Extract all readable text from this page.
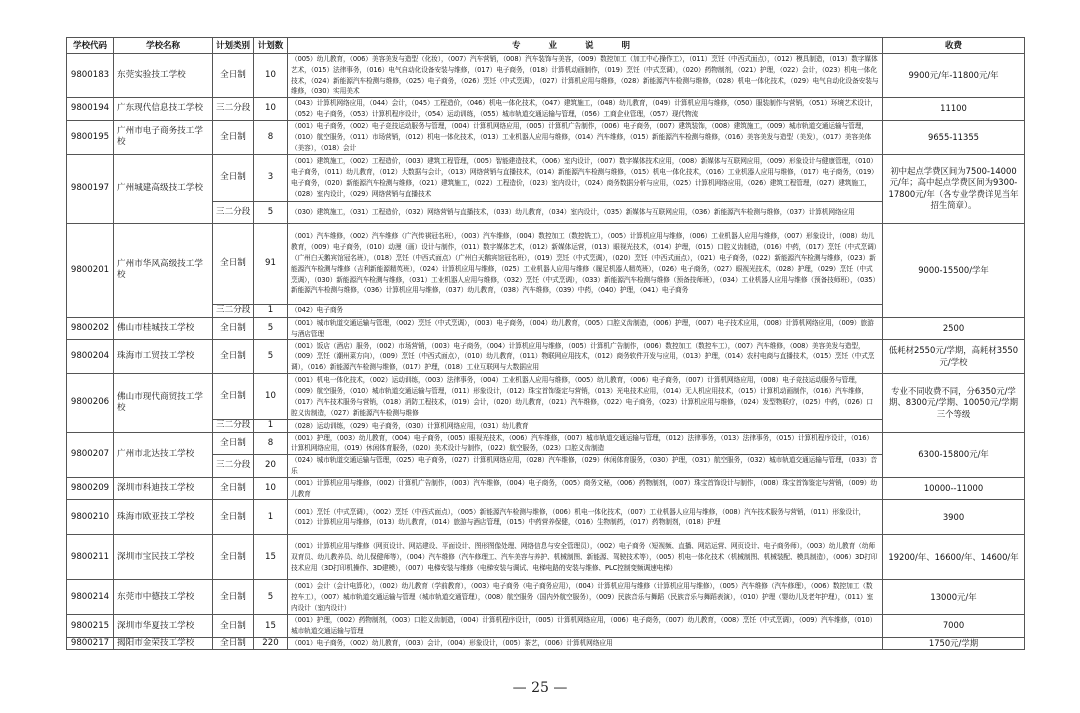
学校代码	学校名称	计划类别	计划数	专业说明	收费
9800183	东莞实验技工学校	全日制	10	（005）幼儿教育，（006）美容美发与造型（化妆），（007）汽车营销，（008）汽车装饰与美容，（009）数控加工（加工中心操作工），（011）烹饪（中西式面点），（012）模具制造，（013）数字媒体艺术，（015）法律事务，（016）电气自动化设备安装与维修，（017）电子商务，（018）计算机动画制作，（019）烹饪（中式烹调），（020）药物制剂，（021）护理，（022）会计，（023）机电一体化技术，（024）新能源汽车检测与维修，（025）电子商务，（026）烹饪（中式烹调），（027）计算机应用与维修，（028）新能源汽车检测与维修，（028）机电一体化技术，（029）电气自动化设备安装与维修，（030）实用美术	9900元/年-11800元/年
9800194	广东现代信息技工学校	三二分段	10	（043）计算机网络应用，（044）会计，（045）工程造价，（046）机电一体化技术，（047）建筑施工，（048）幼儿教育，（049）计算机应用与维修，（050）服装制作与营销，（051）环境艺术设计，（052）电子商务，（053）计算机程序设计，（054）运动训练，（055）城市轨道交通运输与管理，（056）工商企业管理，（057）现代物流	11100
9800195	广州市电子商务技工学校	全日制	8	（001）电子商务，（002）电子竞技运动服务与管理，（004）计算机网络应用，（005）计算机广告制作，（006）电子商务，（007）建筑装饰，（008）建筑施工，（009）城市轨道交通运输与管理，（010）航空服务，（011）市场营销，（012）机电一体化技术，（013）工业机器人应用与维修，（014）汽车维修，（015）新能源汽车检测与维修，（016）美容美发与造型（美发），（017）美容美体（美容），（018）会计	9655-11355
9800197	广州城建高级技工学校	全日制	3	（001）建筑施工，（002）工程造价，（003）建筑工程管理，（005）智能建造技术，（006）室内设计，（007）数字媒体技术应用，（008）新媒体与互联网应用，（009）形象设计与健康管理，（010）电子商务，（011）幼儿教育，（012）大数据与会计，（013）网络营销与直播技术，（014）新能源汽车检测与维修，（015）机电一体化技术，（016）工业机器人应用与维修，（017）电子商务，（019）电子商务，（020）新能源汽车检测与维修，（021）建筑施工，（022）工程造价，（023）室内设计，（024）商务数据分析与应用，（025）计算机网络应用，（026）建筑工程管理，（027）建筑施工，（028）室内设计，（029）网络营销与直播技术	初中起点学费区间为7500-14000元/年；高中起点学费区间为9300-17800元/年（各专业学费详见当年招生简章）。
		三二分段	5	（030）建筑施工，（031）工程造价，（032）网络营销与直播技术，（033）幼儿教育，（034）室内设计，（035）新媒体与互联网应用，（036）新能源汽车检测与维修，（037）计算机网络应用	
9800201	广州市华风高级技工学校	全日制	91	（001）汽车维修，（002）汽车维修（广汽传祺冠名班），（003）汽车维修，（004）数控加工（数控铣工），（005）计算机应用与维修，（006）工业机器人应用与维修，（007）形象设计，（008）幼儿教育，（009）电子商务，（010）动漫（画）设计与制作，（011）数字媒体艺术，（012）新媒体运营，（013）眼视光技术，（014）护理，（015）口腔义齿制造，（016）中药，（017）烹饪（中式烹调）（广州白天鹅宾馆冠名班），（018）烹饪（中西式面点）（广州白天鹅宾馆冠名班），（019）烹饪（中式烹调），（020）烹饪（中西式面点），（021）电子商务，（022）新能源汽车检测与维修，（023）新能源汽车检测与维修（吉利新能源精英班），（024）计算机应用与维修，（025）工业机器人应用与维修（履足机器人精英班），（026）电子商务，（027）眼视光技术，（028）护理，（029）烹饪（中式烹调），（030）新能源汽车检测与维修，（031）工业机器人应用与维修，（032）烹饪（中式烹调），（033）新能源汽车检测与维修（预备技师班），（034）工业机器人应用与维修（预备技师班），（035）新能源汽车检测与维修，（036）计算机应用与维修，（037）幼儿教育，（038）汽车维修，（039）中药，（040）护理，（041）电子商务	9000-15500/学年
		三二分段	1	（042）电子商务	
9800202	佛山市桂城技工学校	全日制	5	（001）城市轨道交通运输与管理，（002）烹饪（中式烹调），（003）电子商务，（004）幼儿教育，（005）口腔义齿制造，（006）护理，（007）电子技术应用，（008）计算机网络应用，（009）旅游与酒店管理	2500
9800204	珠海市工贸技工学校	全日制	5	（001）饭店（酒店）服务，（002）市场营销，（003）电子商务，（004）计算机应用与维修，（005）计算机广告制作，（006）数控加工（数控车工），（007）汽车维修，（008）美容美发与造型，（009）烹饪（潮州菜方向），（009）烹饪（中西式面点），（010）幼儿教育，（011）物联网应用技术，（012）商务软件开发与应用，（013）护理，（014）农村电商与直播技术，（015）烹饪（中式烹调），（016）新能源汽车检测与维修，（017）护理，（018）工业互联网与大数据应用	低耗材2550元/学期，高耗材3550元/学校
9800206	佛山市现代商贸技工学校	全日制	10	（001）机电一体化技术，（002）运动训练，（003）法律事务，（004）工业机器人应用与维修，（005）幼儿教育，（006）电子商务，（007）计算机网络应用，（008）电子竞技运动服务与管理，（009）航空服务，（010）城市轨道交通运输与管理，（011）形象设计，（012）珠宝首饰鉴定与营销，（013）光电技术应用，（014）无人机应用技术，（015）计算机动画制作，（016）汽车维修，（017）汽车技术服务与营销，（018）消防工程技术，（019）会计，（020）幼儿教育，（021）汽车维修，（022）电子商务，（023）计算机应用与维修，（024）发型物联疗，（025）中药，（026）口腔义齿制造，（027）新能源汽车检测与维修	专业不同收费不同，分6350元/学期、8300元/学期、10050元/学期三个等级
		三二分段	1	（028）运动训练，（029）电子商务，（030）计算机网络应用，（031）幼儿教育	
9800207	广州市北达技工学校	全日制	8	（001）护理，（003）幼儿教育，（004）电子商务，（005）眼视光技术，（006）汽车维修，（007）城市轨道交通运输与管理，（012）法律事务，（013）法律事务，（015）计算机程序设计，（016）计算机网络应用，（019）休闲体育服务，（020）美术设计与制作，（022）航空服务，（023）口腔义齿制造	6300-15800元/年
		三二分段	20	（024）城市轨道交通运输与管理，（025）电子商务，（027）计算机网络应用，（028）汽车维修，（029）休闲体育服务，（030）护理，（031）航空服务，（032）城市轨道交通运输与管理，（033）音乐	
9800209	深圳市科迪技工学校	全日制	10	（001）计算机应用与维修，（002）计算机广告制作，（003）汽车维修，（004）电子商务，（005）商务文秘，（006）药物制剂，（007）珠宝首饰设计与制作，（008）珠宝首饰鉴定与营销，（009）幼儿教育	10000--11000
9800210	珠海市欧亚技工学校	全日制	1	（001）烹饪（中式烹调），（002）烹饪（中西式面点），（005）新能源汽车检测与维修，（006）机电一体化技术，（007）工业机器人应用与维修，（008）汽车技术服务与营销，（011）形象设计，（012）计算机应用与维修，（013）幼儿教育，（014）旅游与酒店管理，（015）中药营养保健，（016）生物制药，（017）药物制剂，（018）护理	3900
9800211	深圳市宝民技工学校	全日制	15	（001）计算机应用与维修（网页设计、网站建设、平面设计、图形图像处理、网络信息与安全管理员），（002）电子商务（短视频、直播、网站运营、网页设计、电子商务师），（003）幼儿教育（幼师双育员、幼儿教养员、幼儿保健师等），（004）汽车维修（汽车修理工、汽车美容与养护、机械制图、新能源、驾驶技术等），（005）机电一体化技术（机械制图、机械装配、模具制造），（006）3D打印技术应用（3D打印机操作、3D建模），（007）电梯安装与维修（电梯安装与调试、电梯电路的安装与维修、PLC控制变频调速电梯）	19200/年、16600/年、14600/年
9800214	东莞市中德技工学校	全日制	5	（001）会计（会计电算化），（002）幼儿教育（学前教育），（003）电子商务（电子商务应用），（004）计算机应用与维修（计算机应用与维修），（005）汽车维修（汽车修理），（006）数控加工（数控车工），（007）城市轨道交通运输与管理（城市轨道交通管理），（008）航空服务（国内外航空服务），（009）民族音乐与舞蹈（民族音乐与舞蹈表演），（010）护理（婴幼儿及老年护理），（011）室内设计（室内设计）	13000元/年
9800215	深圳市华夏技工学校	全日制	15	（001）护理，（002）药物制剂，（003）口腔义齿制造，（004）计算机程序设计，（005）计算机网络应用，（006）电子商务，（007）幼儿教育，（008）烹饪（中式烹调），（009）汽车维修，（010）城市轨道交通运输与管理	7000
9800217	揭阳市金荣技工学校	全日制	220	（001）电子商务，（002）幼儿教育，（003）会计，（004）形象设计，（005）茶艺，（006）计算机网络应用	1750元/学期
— 25 —
